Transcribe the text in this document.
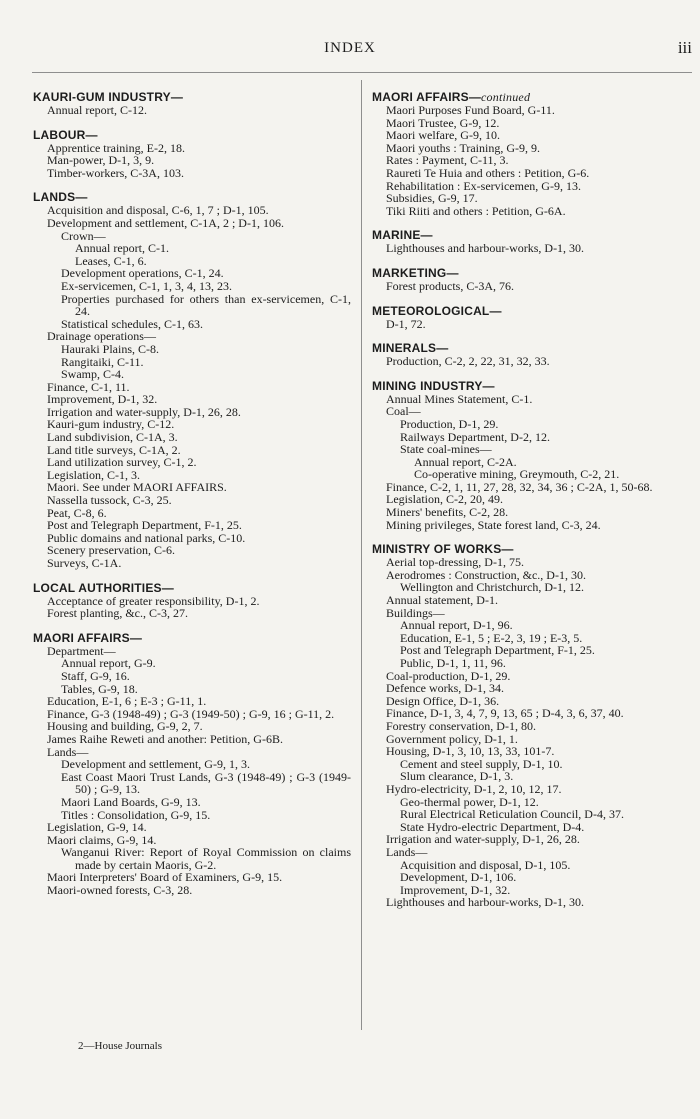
INDEX	iii
KAURI-GUM INDUSTRY—
Annual report, C-12.
LABOUR—
Apprentice training, E-2, 18.
Man-power, D-1, 3, 9.
Timber-workers, C-3A, 103.
LANDS—
Acquisition and disposal, C-6, 1, 7 ; D-1, 105.
Development and settlement, C-1A, 2 ; D-1, 106.
Crown—
Annual report, C-1.
Leases, C-1, 6.
Development operations, C-1, 24.
Ex-servicemen, C-1, 1, 3, 4, 13, 23.
Properties purchased for others than ex-servicemen, C-1, 24.
Statistical schedules, C-1, 63.
Drainage operations—
Hauraki Plains, C-8.
Rangitaiki, C-11.
Swamp, C-4.
Finance, C-1, 11.
Improvement, D-1, 32.
Irrigation and water-supply, D-1, 26, 28.
Kauri-gum industry, C-12.
Land subdivision, C-1A, 3.
Land title surveys, C-1A, 2.
Land utilization survey, C-1, 2.
Legislation, C-1, 3.
Maori. See under MAORI AFFAIRS.
Nassella tussock, C-3, 25.
Peat, C-8, 6.
Post and Telegraph Department, F-1, 25.
Public domains and national parks, C-10.
Scenery preservation, C-6.
Surveys, C-1A.
LOCAL AUTHORITIES—
Acceptance of greater responsibility, D-1, 2.
Forest planting, &c., C-3, 27.
MAORI AFFAIRS—
Department—
Annual report, G-9.
Staff, G-9, 16.
Tables, G-9, 18.
Education, E-1, 6 ; E-3 ; G-11, 1.
Finance, G-3 (1948-49) ; G-3 (1949-50) ; G-9, 16 ; G-11, 2.
Housing and building, G-9, 2, 7.
James Raihe Reweti and another: Petition, G-6B.
Lands—
Development and settlement, G-9, 1, 3.
East Coast Maori Trust Lands, G-3 (1948-49) ; G-3 (1949-50) ; G-9, 13.
Maori Land Boards, G-9, 13.
Titles : Consolidation, G-9, 15.
Legislation, G-9, 14.
Maori claims, G-9, 14.
Wanganui River: Report of Royal Commission on claims made by certain Maoris, G-2.
Maori Interpreters' Board of Examiners, G-9, 15.
Maori-owned forests, C-3, 28.
MAORI AFFAIRS—continued
Maori Purposes Fund Board, G-11.
Maori Trustee, G-9, 12.
Maori welfare, G-9, 10.
Maori youths : Training, G-9, 9.
Rates : Payment, C-11, 3.
Raureti Te Huia and others : Petition, G-6.
Rehabilitation : Ex-servicemen, G-9, 13.
Subsidies, G-9, 17.
Tiki Riiti and others : Petition, G-6A.
MARINE—
Lighthouses and harbour-works, D-1, 30.
MARKETING—
Forest products, C-3A, 76.
METEOROLOGICAL—
D-1, 72.
MINERALS—
Production, C-2, 2, 22, 31, 32, 33.
MINING INDUSTRY—
Annual Mines Statement, C-1.
Coal—
Production, D-1, 29.
Railways Department, D-2, 12.
State coal-mines—
Annual report, C-2A.
Co-operative mining, Greymouth, C-2, 21.
Finance, C-2, 1, 11, 27, 28, 32, 34, 36 ; C-2A, 1, 50-68.
Legislation, C-2, 20, 49.
Miners' benefits, C-2, 28.
Mining privileges, State forest land, C-3, 24.
MINISTRY OF WORKS—
Aerial top-dressing, D-1, 75.
Aerodromes : Construction, &c., D-1, 30.
Wellington and Christchurch, D-1, 12.
Annual statement, D-1.
Buildings—
Annual report, D-1, 96.
Education, E-1, 5 ; E-2, 3, 19 ; E-3, 5.
Post and Telegraph Department, F-1, 25.
Public, D-1, 1, 11, 96.
Coal-production, D-1, 29.
Defence works, D-1, 34.
Design Office, D-1, 36.
Finance, D-1, 3, 4, 7, 9, 13, 65 ; D-4, 3, 6, 37, 40.
Forestry conservation, D-1, 80.
Government policy, D-1, 1.
Housing, D-1, 3, 10, 13, 33, 101-7.
Cement and steel supply, D-1, 10.
Slum clearance, D-1, 3.
Hydro-electricity, D-1, 2, 10, 12, 17.
Geo-thermal power, D-1, 12.
Rural Electrical Reticulation Council, D-4, 37.
State Hydro-electric Department, D-4.
Irrigation and water-supply, D-1, 26, 28.
Lands—
Acquisition and disposal, D-1, 105.
Development, D-1, 106.
Improvement, D-1, 32.
Lighthouses and harbour-works, D-1, 30.
2—House Journals
